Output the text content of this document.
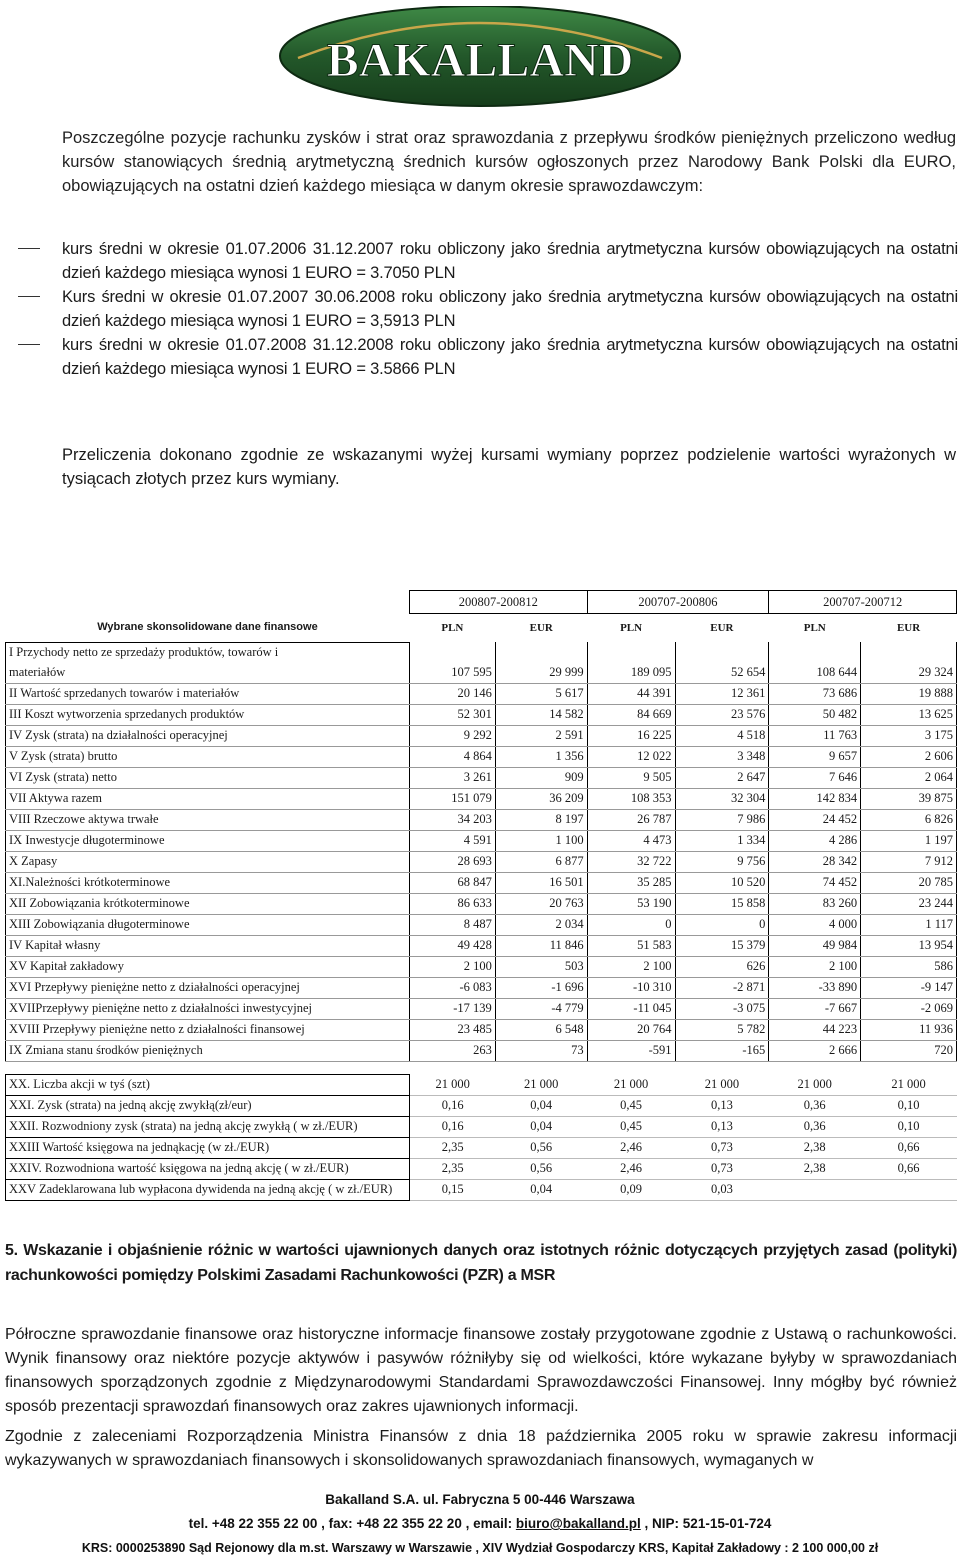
BAKALLAND
Poszczególne pozycje rachunku zysków i strat oraz sprawozdania z przepływu środków pieniężnych przeliczono według kursów stanowiących średnią arytmetyczną średnich kursów ogłoszonych przez Narodowy Bank Polski dla EURO, obowiązujących na ostatni dzień każdego miesiąca w danym okresie sprawozdawczym:
kurs średni w okresie 01.07.2006 31.12.2007 roku obliczony jako średnia arytmetyczna kursów obowiązujących na ostatni dzień każdego miesiąca wynosi 1 EURO = 3.7050 PLN
Kurs średni w okresie 01.07.2007 30.06.2008 roku obliczony jako średnia arytmetyczna kursów obowiązujących na ostatni dzień każdego miesiąca wynosi 1 EURO = 3,5913 PLN
kurs średni w okresie 01.07.2008 31.12.2008 roku obliczony jako średnia arytmetyczna kursów obowiązujących na ostatni dzień każdego miesiąca wynosi 1 EURO = 3.5866 PLN
Przeliczenia dokonano zgodnie ze wskazanymi wyżej kursami wymiany poprzez podzielenie wartości wyrażonych w tysiącach złotych przez kurs wymiany.
	200807-200812		200707-200806		200707-200712	
Wybrane skonsolidowane dane finansowe	PLN	EUR	PLN	EUR	PLN	EUR
I Przychody netto ze sprzedaży produktów, towarów i						
materiałów	107 595	29 999	189 095	52 654	108 644	29 324
II Wartość sprzedanych towarów i materiałów	20 146	5 617	44 391	12 361	73 686	19 888
III Koszt wytworzenia sprzedanych produktów	52 301	14 582	84 669	23 576	50 482	13 625
IV Zysk (strata) na działalności operacyjnej	9 292	2 591	16 225	4 518	11 763	3 175
V Zysk (strata) brutto	4 864	1 356	12 022	3 348	9 657	2 606
VI Zysk (strata) netto	3 261	909	9 505	2 647	7 646	2 064
VII Aktywa razem	151 079	36 209	108 353	32 304	142 834	39 875
VIII Rzeczowe aktywa trwałe	34 203	8 197	26 787	7 986	24 452	6 826
IX Inwestycje długoterminowe	4 591	1 100	4 473	1 334	4 286	1 197
X Zapasy	28 693	6 877	32 722	9 756	28 342	7 912
XI.Należności krótkoterminowe	68 847	16 501	35 285	10 520	74 452	20 785
XII Zobowiązania krótkoterminowe	86 633	20 763	53 190	15 858	83 260	23 244
XIII Zobowiązania długoterminowe	8 487	2 034	0	0	4 000	1 117
IV Kapitał własny	49 428	11 846	51 583	15 379	49 984	13 954
XV Kapitał zakładowy	2 100	503	2 100	626	2 100	586
XVI Przepływy pieniężne netto z działalności operacyjnej	-6 083	-1 696	-10 310	-2 871	-33 890	-9 147
XVIIPrzepływy pieniężne netto z działalności inwestycyjnej	-17 139	-4 779	-11 045	-3 075	-7 667	-2 069
XVIII Przepływy pieniężne netto z działalności finansowej	23 485	6 548	20 764	5 782	44 223	11 936
IX Zmiana stanu środków pieniężnych	263	73	-591	-165	2 666	720

XX. Liczba akcji w tyś (szt)	21 000	21 000	21 000	21 000	21 000	21 000
XXI. Zysk (strata) na jedną akcję zwykłą(zł/eur)	0,16	0,04	0,45	0,13	0,36	0,10
XXII. Rozwodniony zysk (strata) na jedną akcję zwykłą ( w zł./EUR)	0,16	0,04	0,45	0,13	0,36	0,10
XXIII Wartość księgowa na jednąkację (w zł./EUR)	2,35	0,56	2,46	0,73	2,38	0,66
XXIV. Rozwodniona wartość księgowa na jedną akcję ( w zł./EUR)	2,35	0,56	2,46	0,73	2,38	0,66
XXV Zadeklarowana lub wypłacona dywidenda na jedną akcję ( w zł./EUR)	0,15	0,04	0,09	0,03		
5. Wskazanie i objaśnienie różnic w wartości ujawnionych danych oraz istotnych różnic dotyczących przyjętych zasad (polityki) rachunkowości pomiędzy Polskimi Zasadami Rachunkowości (PZR) a MSR
Półroczne sprawozdanie finansowe oraz historyczne informacje finansowe zostały przygotowane zgodnie z Ustawą o rachunkowości. Wynik finansowy oraz niektóre pozycje aktywów i pasywów różniłyby się od wielkości, które wykazane byłyby w sprawozdaniach finansowych sporządzonych zgodnie z Międzynarodowymi Standardami Sprawozdawczości Finansowej. Inny mógłby być również sposób prezentacji sprawozdań finansowych oraz zakres ujawnionych informacji.
Zgodnie z zaleceniami Rozporządzenia Ministra Finansów z dnia 18 października 2005 roku w sprawie zakresu informacji wykazywanych w sprawozdaniach finansowych i skonsolidowanych sprawozdaniach finansowych, wymaganych w
Bakalland S.A. ul. Fabryczna 5 00-446 Warszawa
tel. +48 22 355 22 00 , fax: +48 22 355 22 20 , email: biuro@bakalland.pl , NIP: 521-15-01-724
KRS: 0000253890 Sąd Rejonowy dla m.st. Warszawy w Warszawie , XIV Wydział Gospodarczy KRS, Kapitał Zakładowy : 2 100 000,00 zł
